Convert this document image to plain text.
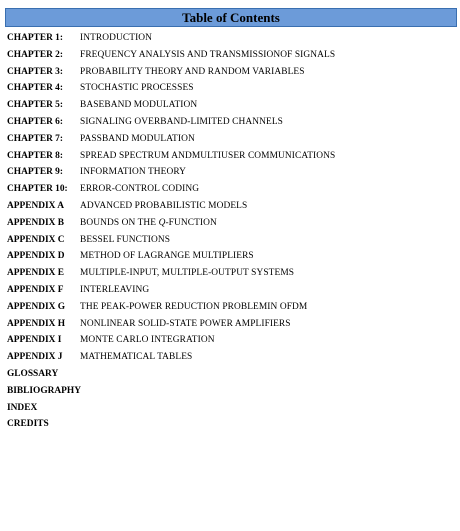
Table of Contents
CHAPTER 1: INTRODUCTION
CHAPTER 2: FREQUENCY ANALYSIS AND TRANSMISSIONOF SIGNALS
CHAPTER 3: PROBABILITY THEORY AND RANDOM VARIABLES
CHAPTER 4: STOCHASTIC PROCESSES
CHAPTER 5: BASEBAND MODULATION
CHAPTER 6: SIGNALING OVERBAND-LIMITED CHANNELS
CHAPTER 7: PASSBAND MODULATION
CHAPTER 8: SPREAD SPECTRUM ANDMULTIUSER COMMUNICATIONS
CHAPTER 9: INFORMATION THEORY
CHAPTER 10: ERROR-CONTROL CODING
APPENDIX A ADVANCED PROBABILISTIC MODELS
APPENDIX B BOUNDS ON THE Q-FUNCTION
APPENDIX C BESSEL FUNCTIONS
APPENDIX D METHOD OF LAGRANGE MULTIPLIERS
APPENDIX E MULTIPLE-INPUT, MULTIPLE-OUTPUT SYSTEMS
APPENDIX F INTERLEAVING
APPENDIX G THE PEAK-POWER REDUCTION PROBLEMIN OFDM
APPENDIX H NONLINEAR SOLID-STATE POWER AMPLIFIERS
APPENDIX I MONTE CARLO INTEGRATION
APPENDIX J MATHEMATICAL TABLES
GLOSSARY
BIBLIOGRAPHY
INDEX
CREDITS
